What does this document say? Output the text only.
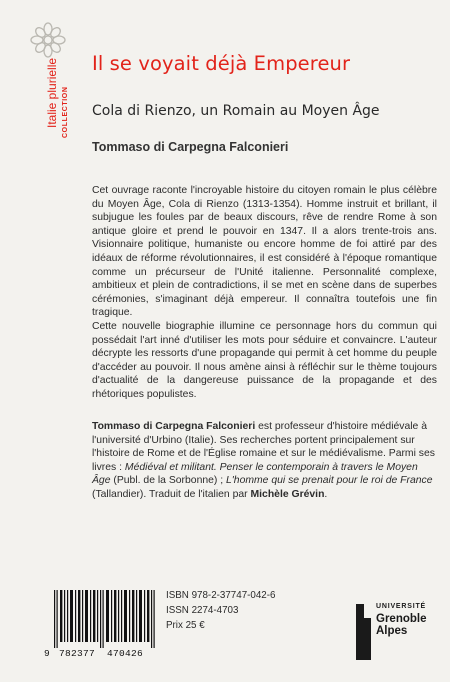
COLLECTION
Italie plurielle Il se voyait déjà Empereur
Cola di Rienzo, un Romain au Moyen Âge
Tommaso di Carpegna Falconieri

Cet ouvrage raconte l'incroyable histoire du citoyen romain le plus célèbre du Moyen Âge, Cola di Rienzo (1313-1354). Homme instruit et brillant, il subjugue les foules par de beaux discours, rêve de rendre Rome à son antique gloire et prend le pouvoir en 1347. Il a alors trente-trois ans. Visionnaire politique, humaniste ou encore homme de foi attiré par des idéaux de réforme révolutionnaires, il est considéré à l'époque romantique comme un précurseur de l'Unité italienne. Personnalité complexe, ambitieux et plein de contradictions, il se met en scène dans de superbes cérémonies, s'imaginant déjà empereur. Il connaîtra toutefois une fin tragique.

Cette nouvelle biographie illumine ce personnage hors du commun qui possédait l'art inné d'utiliser les mots pour séduire et convaincre. L'auteur décrypte les ressorts d'une propagande qui permit à cet homme du peuple d'accéder au pouvoir. Il nous amène ainsi à réfléchir sur le thème toujours d'actualité de la dangereuse puissance de la propagande et des rhétoriques populistes.

Tommaso di Carpegna Falconieri est professeur d'histoire médiévale à l'université d'Urbino (Italie). Ses recherches portent principalement sur l'histoire de Rome et de l'Église romaine et sur le médiévalisme. Parmi ses livres : Médiéval et militant. Penser le contemporain à travers le Moyen Âge (Publ. de la Sorbonne) ; L'homme qui se prenait pour le roi de France (Tallandier). Traduit de l'italien par Michèle Grévin.
9 782377 470426
ISBN 978-2-37747-042-6
ISSN 2274-4703
Prix 25 €
UNIVERSITÉ
Grenoble
Alpes
